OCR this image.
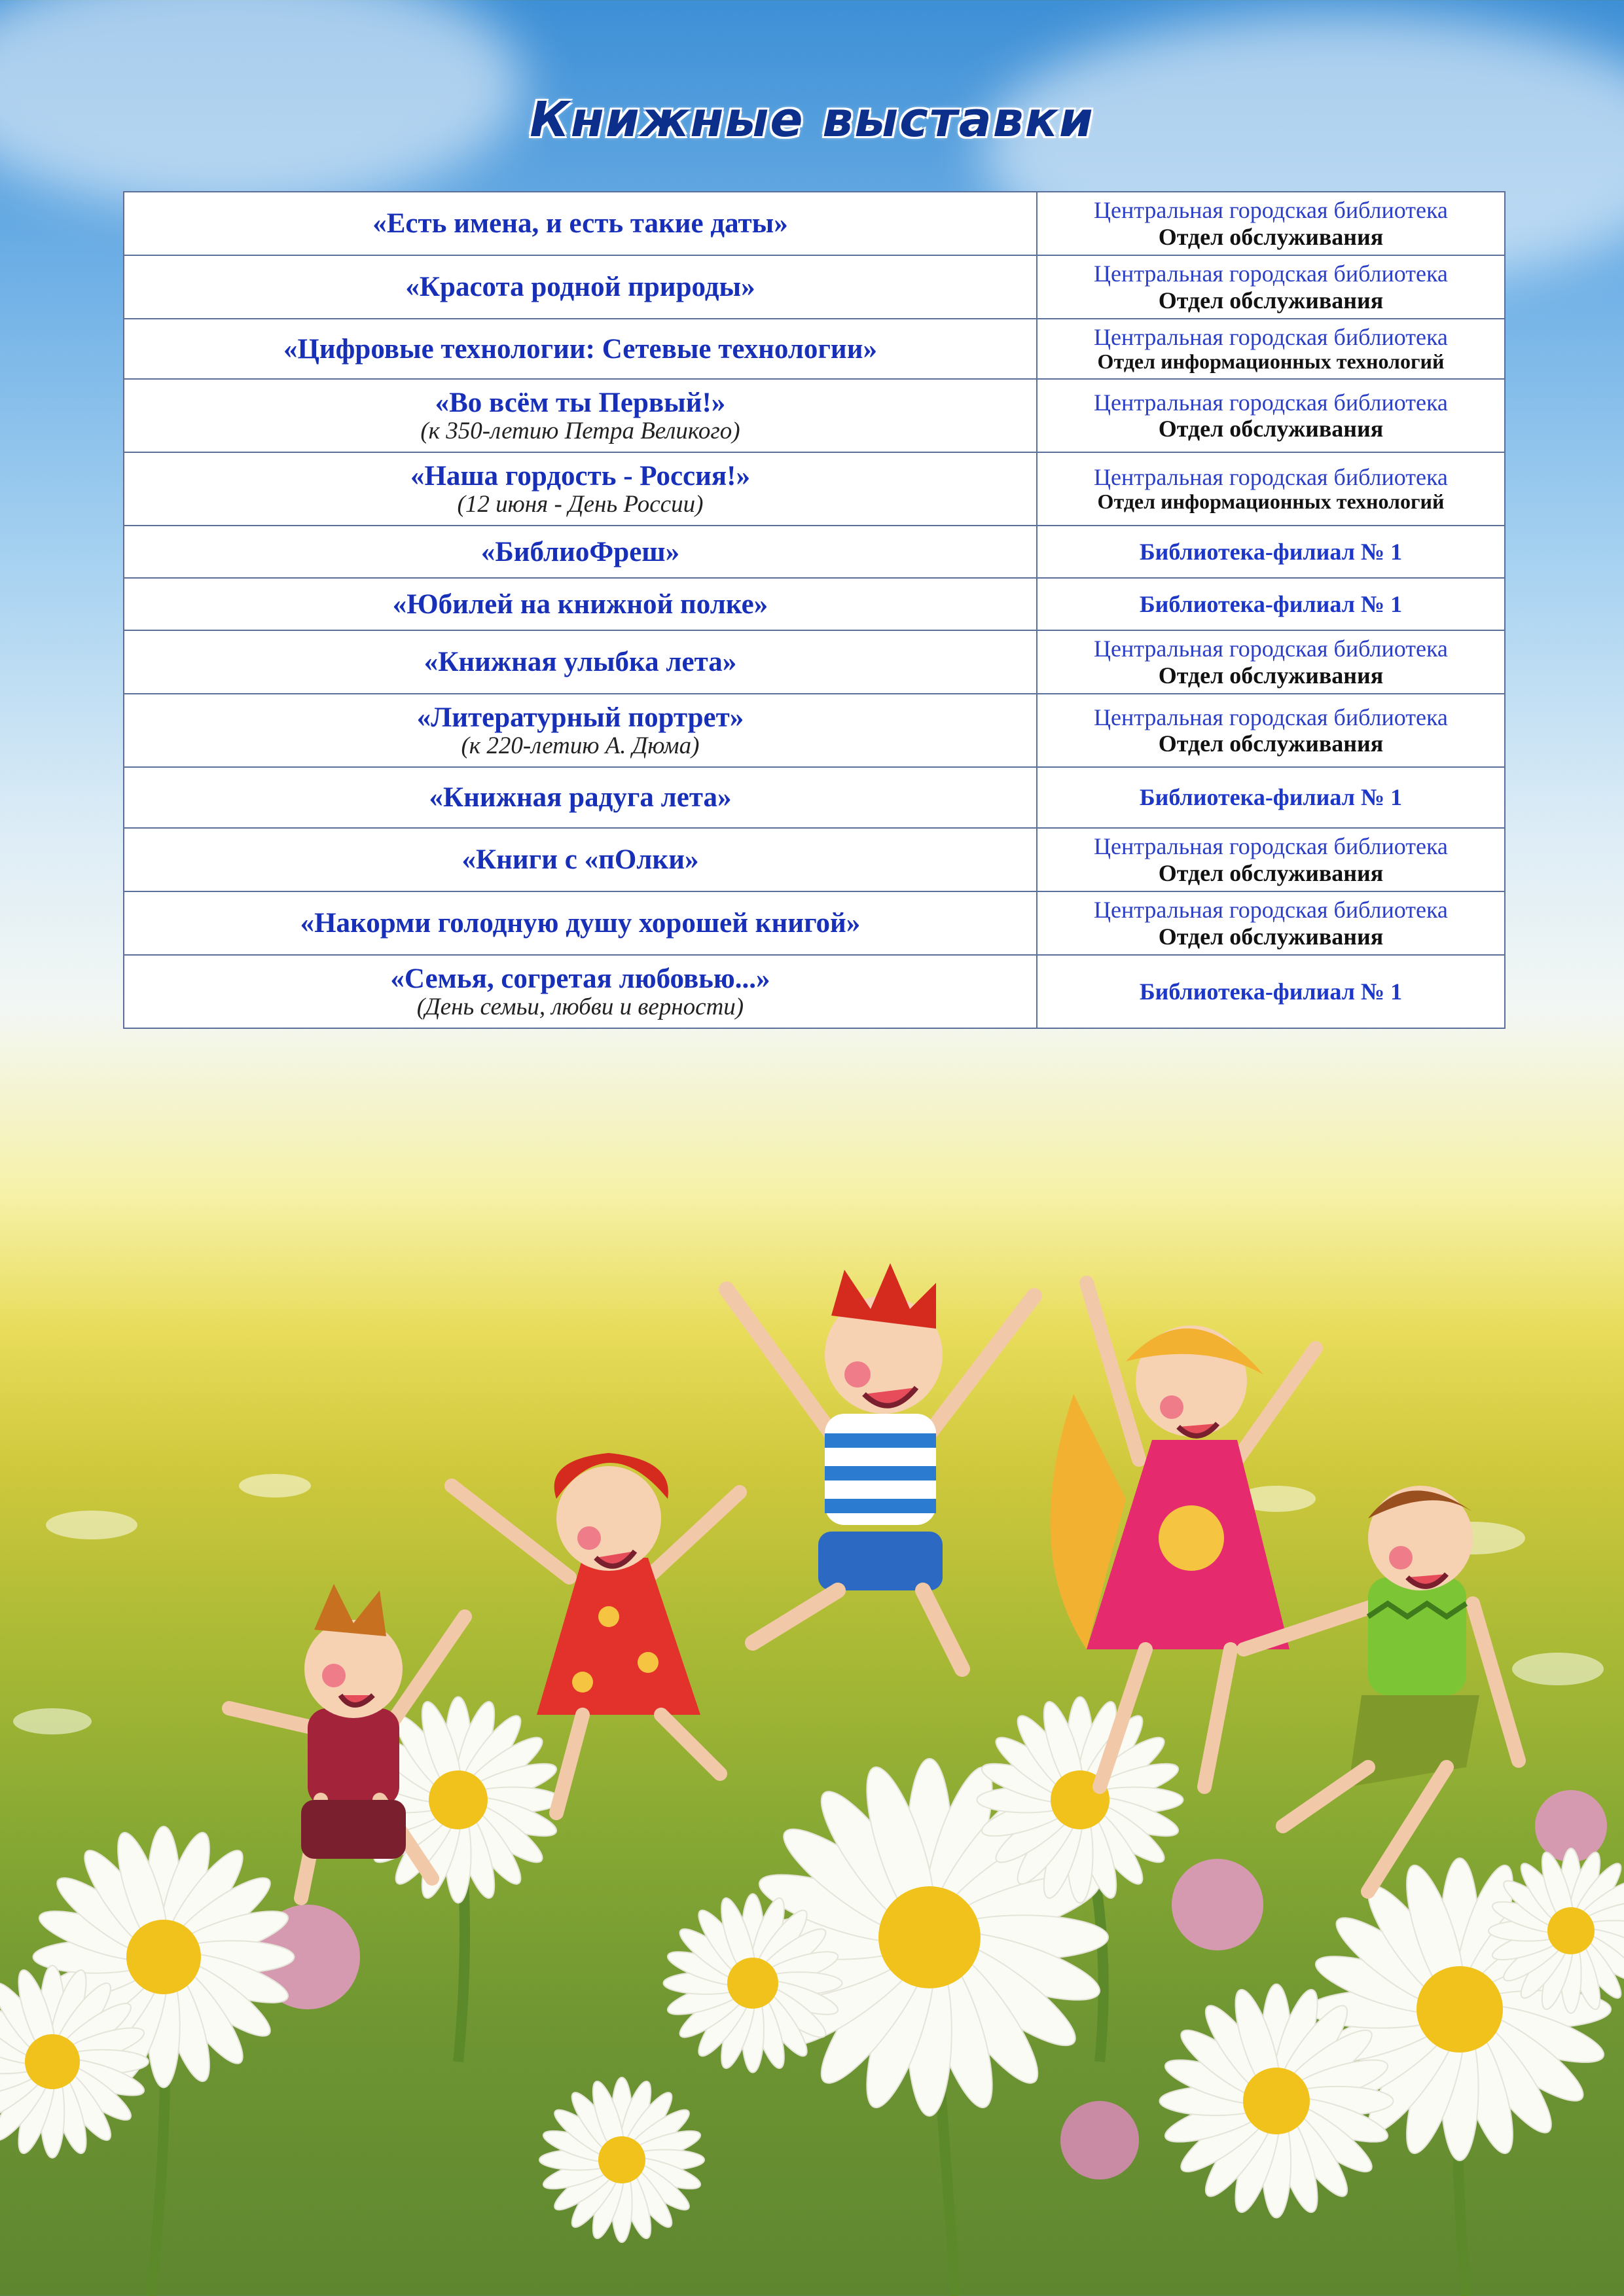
Книжные выставки
«Есть имена, и есть такие даты»	Центральная городская библиотека
Отдел обслуживания

«Красота родной природы»	Центральная городская библиотека
Отдел обслуживания

«Цифровые технологии: Сетевые технологии»	Центральная городская библиотека
Отдел информационных технологий

«Во всём ты Первый!»
(к 350-летию Петра Великого)	Центральная городская библиотека
Отдел обслуживания

«Наша гордость - Россия!»
(12 июня - День России)	Центральная городская библиотека
Отдел информационных технологий

«БиблиоФреш»	Библиотека-филиал № 1
«Юбилей на книжной полке»	Библиотека-филиал № 1
«Книжная улыбка лета»	Центральная городская библиотека
Отдел обслуживания

«Литературный портрет»
(к 220-летию А. Дюма)	Центральная городская библиотека
Отдел обслуживания

«Книжная радуга лета»	Библиотека-филиал № 1
«Книги с «пОлки»	Центральная городская библиотека
Отдел обслуживания

«Накорми голодную душу хорошей книгой»	Центральная городская библиотека
Отдел обслуживания

«Семья, согретая любовью...»
(День семьи, любви и верности)	Библиотека-филиал № 1
